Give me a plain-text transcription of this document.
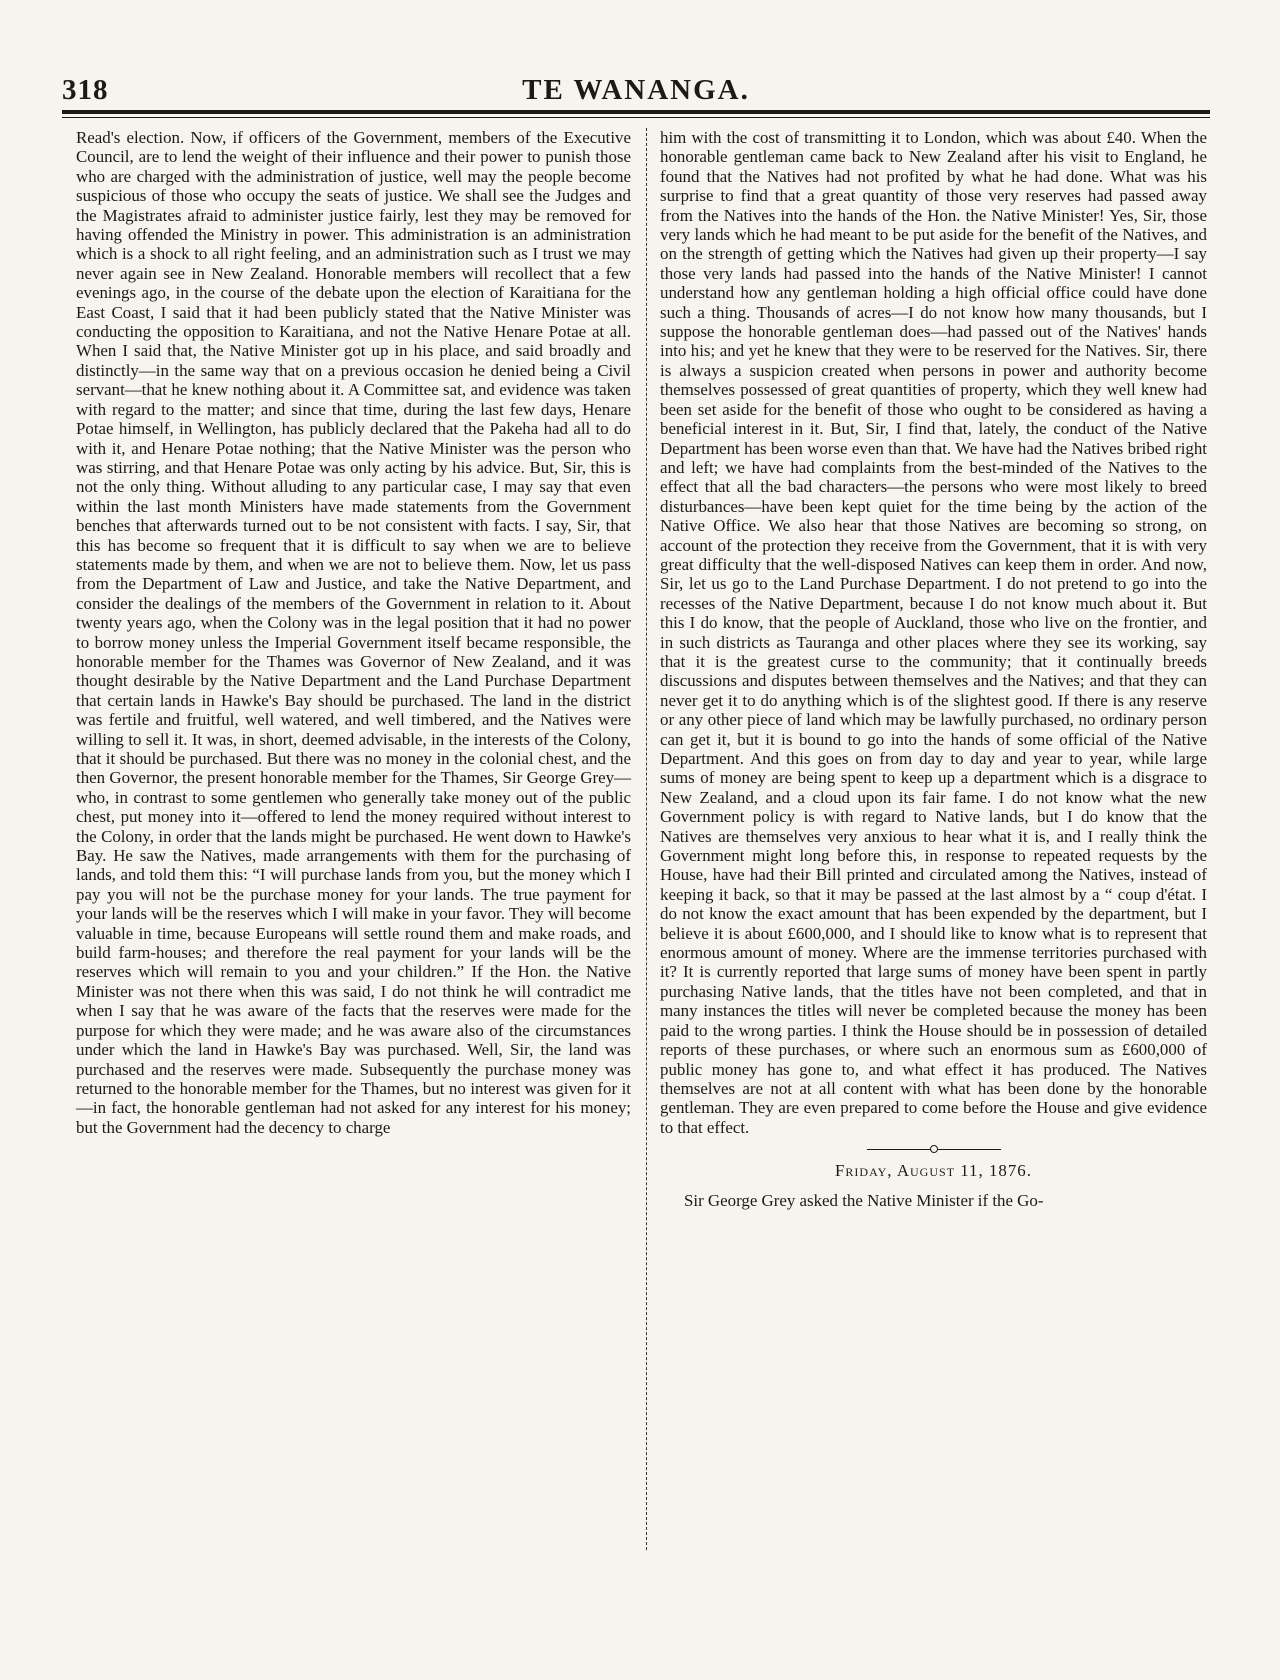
318	TE WANANGA.

Read's election. Now, if officers of the Government, members of the Executive Council, are to lend the weight of their influence and their power to punish those who are charged with the administration of justice, well may the people become suspicious of those who occupy the seats of justice. We shall see the Judges and the Magistrates afraid to administer justice fairly, lest they may be removed for having offended the Ministry in power. This administration is an administration which is a shock to all right feeling, and an administration such as I trust we may never again see in New Zealand. Honorable members will recollect that a few evenings ago, in the course of the debate upon the election of Karaitiana for the East Coast, I said that it had been publicly stated that the Native Minister was conducting the opposition to Karaitiana, and not the Native Henare Potae at all. When I said that, the Native Minister got up in his place, and said broadly and distinctly—in the same way that on a previous occasion he denied being a Civil servant—that he knew nothing about it. A Committee sat, and evidence was taken with regard to the matter; and since that time, during the last few days, Henare Potae himself, in Wellington, has publicly declared that the Pakeha had all to do with it, and Henare Potae nothing; that the Native Minister was the person who was stirring, and that Henare Potae was only acting by his advice. But, Sir, this is not the only thing. Without alluding to any particular case, I may say that even within the last month Ministers have made statements from the Government benches that afterwards turned out to be not consistent with facts. I say, Sir, that this has become so frequent that it is difficult to say when we are to believe statements made by them, and when we are not to believe them. Now, let us pass from the Department of Law and Justice, and take the Native Department, and consider the dealings of the members of the Government in relation to it. About twenty years ago, when the Colony was in the legal position that it had no power to borrow money unless the Imperial Government itself became responsible, the honorable member for the Thames was Governor of New Zealand, and it was thought desirable by the Native Department and the Land Purchase Department that certain lands in Hawke's Bay should be purchased. The land in the district was fertile and fruitful, well watered, and well timbered, and the Natives were willing to sell it. It was, in short, deemed advisable, in the interests of the Colony, that it should be purchased. But there was no money in the colonial chest, and the then Governor, the present honorable member for the Thames, Sir George Grey—who, in contrast to some gentlemen who generally take money out of the public chest, put money into it—offered to lend the money required without interest to the Colony, in order that the lands might be purchased. He went down to Hawke's Bay. He saw the Natives, made arrangements with them for the purchasing of lands, and told them this: “I will purchase lands from you, but the money which I pay you will not be the purchase money for your lands. The true payment for your lands will be the reserves which I will make in your favor. They will become valuable in time, because Europeans will settle round them and make roads, and build farm-houses; and therefore the real payment for your lands will be the reserves which will remain to you and your children.” If the Hon. the Native Minister was not there when this was said, I do not think he will contradict me when I say that he was aware of the facts that the reserves were made for the purpose for which they were made; and he was aware also of the circumstances under which the land in Hawke's Bay was purchased. Well, Sir, the land was purchased and the reserves were made. Subsequently the purchase money was returned to the honorable member for the Thames, but no interest was given for it—in fact, the honorable gentleman had not asked for any interest for his money; but the Government had the decency to charge

him with the cost of transmitting it to London, which was about £40. When the honorable gentleman came back to New Zealand after his visit to England, he found that the Natives had not profited by what he had done. What was his surprise to find that a great quantity of those very reserves had passed away from the Natives into the hands of the Hon. the Native Minister! Yes, Sir, those very lands which he had meant to be put aside for the benefit of the Natives, and on the strength of getting which the Natives had given up their property—I say those very lands had passed into the hands of the Native Minister! I cannot understand how any gentleman holding a high official office could have done such a thing. Thousands of acres—I do not know how many thousands, but I suppose the honorable gentleman does—had passed out of the Natives' hands into his; and yet he knew that they were to be reserved for the Natives. Sir, there is always a suspicion created when persons in power and authority become themselves possessed of great quantities of property, which they well knew had been set aside for the benefit of those who ought to be considered as having a beneficial interest in it. But, Sir, I find that, lately, the conduct of the Native Department has been worse even than that. We have had the Natives bribed right and left; we have had complaints from the best-minded of the Natives to the effect that all the bad characters—the persons who were most likely to breed disturbances—have been kept quiet for the time being by the action of the Native Office. We also hear that those Natives are becoming so strong, on account of the protection they receive from the Government, that it is with very great difficulty that the well-disposed Natives can keep them in order. And now, Sir, let us go to the Land Purchase Department. I do not pretend to go into the recesses of the Native Department, because I do not know much about it. But this I do know, that the people of Auckland, those who live on the frontier, and in such districts as Tauranga and other places where they see its working, say that it is the greatest curse to the community; that it continually breeds discussions and disputes between themselves and the Natives; and that they can never get it to do anything which is of the slightest good. If there is any reserve or any other piece of land which may be lawfully purchased, no ordinary person can get it, but it is bound to go into the hands of some official of the Native Department. And this goes on from day to day and year to year, while large sums of money are being spent to keep up a department which is a disgrace to New Zealand, and a cloud upon its fair fame. I do not know what the new Government policy is with regard to Native lands, but I do know that the Natives are themselves very anxious to hear what it is, and I really think the Government might long before this, in response to repeated requests by the House, have had their Bill printed and circulated among the Natives, instead of keeping it back, so that it may be passed at the last almost by a “ coup d'état. I do not know the exact amount that has been expended by the department, but I believe it is about £600,000, and I should like to know what is to represent that enormous amount of money. Where are the immense territories purchased with it? It is currently reported that large sums of money have been spent in partly purchasing Native lands, that the titles have not been completed, and that in many instances the titles will never be completed because the money has been paid to the wrong parties. I think the House should be in possession of detailed reports of these purchases, or where such an enormous sum as £600,000 of public money has gone to, and what effect it has produced. The Natives themselves are not at all content with what has been done by the honorable gentleman. They are even prepared to come before the House and give evidence to that effect.

Friday, August 11, 1876.

Sir George Grey asked the Native Minister if the Go-
